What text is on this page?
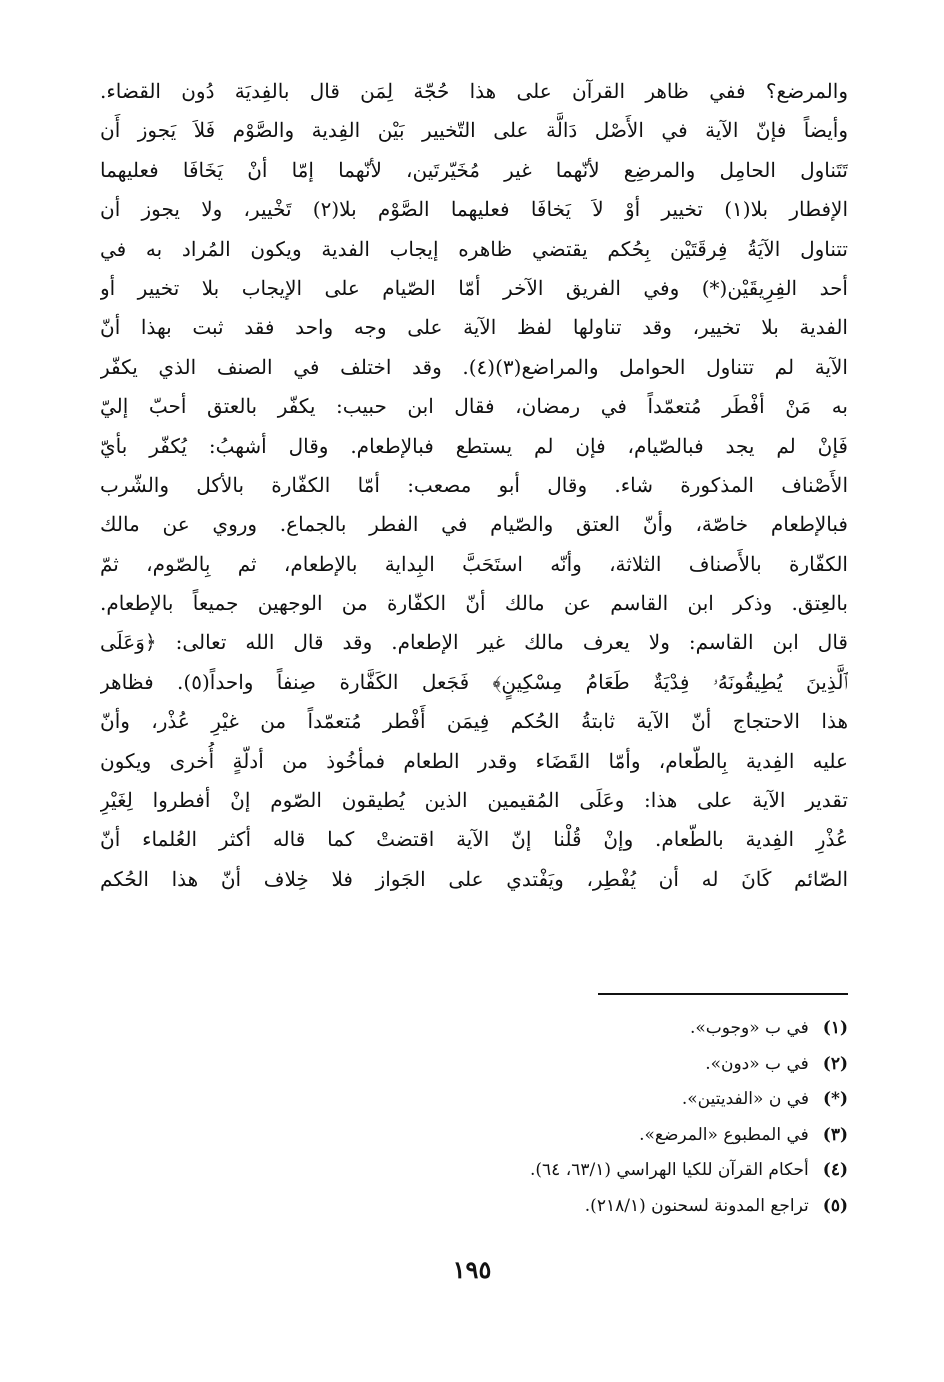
والمرضع؟ ففي ظاهر القرآن على هذا حُجّة لِمَن قال بالفِديَة دُون القضاء.
وأيضاً فإنّ الآية في الأَصْل دَالَّة على التّخيير بَيْن الفِدية والصَّوْم فَلاَ يَجوز أَن
تَتَناول الحامِل والمرضِع لأنّهما غير مُخَيّرتَين، لأنّهما إمّا أنْ يَخَافَا فعليهما
الإفطار بلا(١) تخيير أوْ لاَ يَخافَا فعليهما الصَّوْم بلا(٢) تَخْيير، ولا يجوز أن
تتناول الآيَةُ فِرقَتَيْن بِحُكم يقتضي ظاهره إيجاب الفدية ويكون المُراد به في
أحد الفِرِيقَيْن(*) وفي الفريق الآخر أمّا الصّيام على الإيجاب بلا تخيير أو
الفدية بلا تخيير، وقد تناولها لفظ الآية على وجه واحد فقد ثبت بهذا أنّ
الآية لم تتناول الحوامل والمراضع(٣)(٤). وقد اختلف في الصنف الذي يكفّر
به مَنْ أفْطَر مُتعمّداً في رمضان، فقال ابن حبيب: يكفّر بالعتق أحبّ إليّ
فَإنْ لم يجد فبالصّيام، فإن لم يستطع فبالإطعام. وقال أشهبُ: يُكفّر بأيّ
الأَصْناف المذكورة شاء. وقال أبو مصعب: أمّا الكفّارة بالأكل والشّرب
فبالإطعام خاصّة، وأنّ العتق والصّيام في الفطر بالجماع. وروي عن مالك
الكفّارة بالأَصناف الثلاثة، وأنّه استَحَبَّ البِداية بالإطعام، ثم بِالصّوم، ثمّ
بالعِتق. وذكر ابن القاسم عن مالك أنّ الكفّارة من الوجهين جميعاً بالإطعام.
قال ابن القاسم: ولا يعرف مالك غير الإطعام. وقد قال الله تعالى: ﴿وَعَلَى
ٱلَّذِينَ يُطِيقُونَهُۥ فِدْيَةٌ طَعَامُ مِسْكِينٍ﴾ فَجَعل الكَفَّارة صِنفاً واحداً(٥). فظاهر
هذا الاحتجاج أنّ الآية ثابتةُ الحُكم فِيمَن أَفْطر مُتعمّداً من غيْرِ عُذْر، وأنّ
عليه الفِدية بِالطّعام، وأمّا القَضَاء وقدر الطعام فمأخُوذ من أدلّةٍ أُخرى ويكون
تقدير الآية على هذا: وعَلَى المُقيمين الذين يُطيقون الصّوم إنْ أفطروا لِغَيْرِ
عُذْرِ الفِدية بالطّعام. وإنْ قُلْنا إنّ الآية اقتضتْ كما قاله أكثر العُلماء أنّ
الصّائم كَانَ له أن يُفْطِر، ويَفْتدي على الجَواز فلا خِلاف أنّ هذا الحُكم
(١)في ب «وجوب».
(٢)في ب «دون».
(*)في ن «الفديتين».
(٣)في المطبوع «المرضع».
(٤)أحكام القرآن للكيا الهراسي (٦٣/١، ٦٤).
(٥)تراجع المدونة لسحنون (٢١٨/١).
١٩٥
